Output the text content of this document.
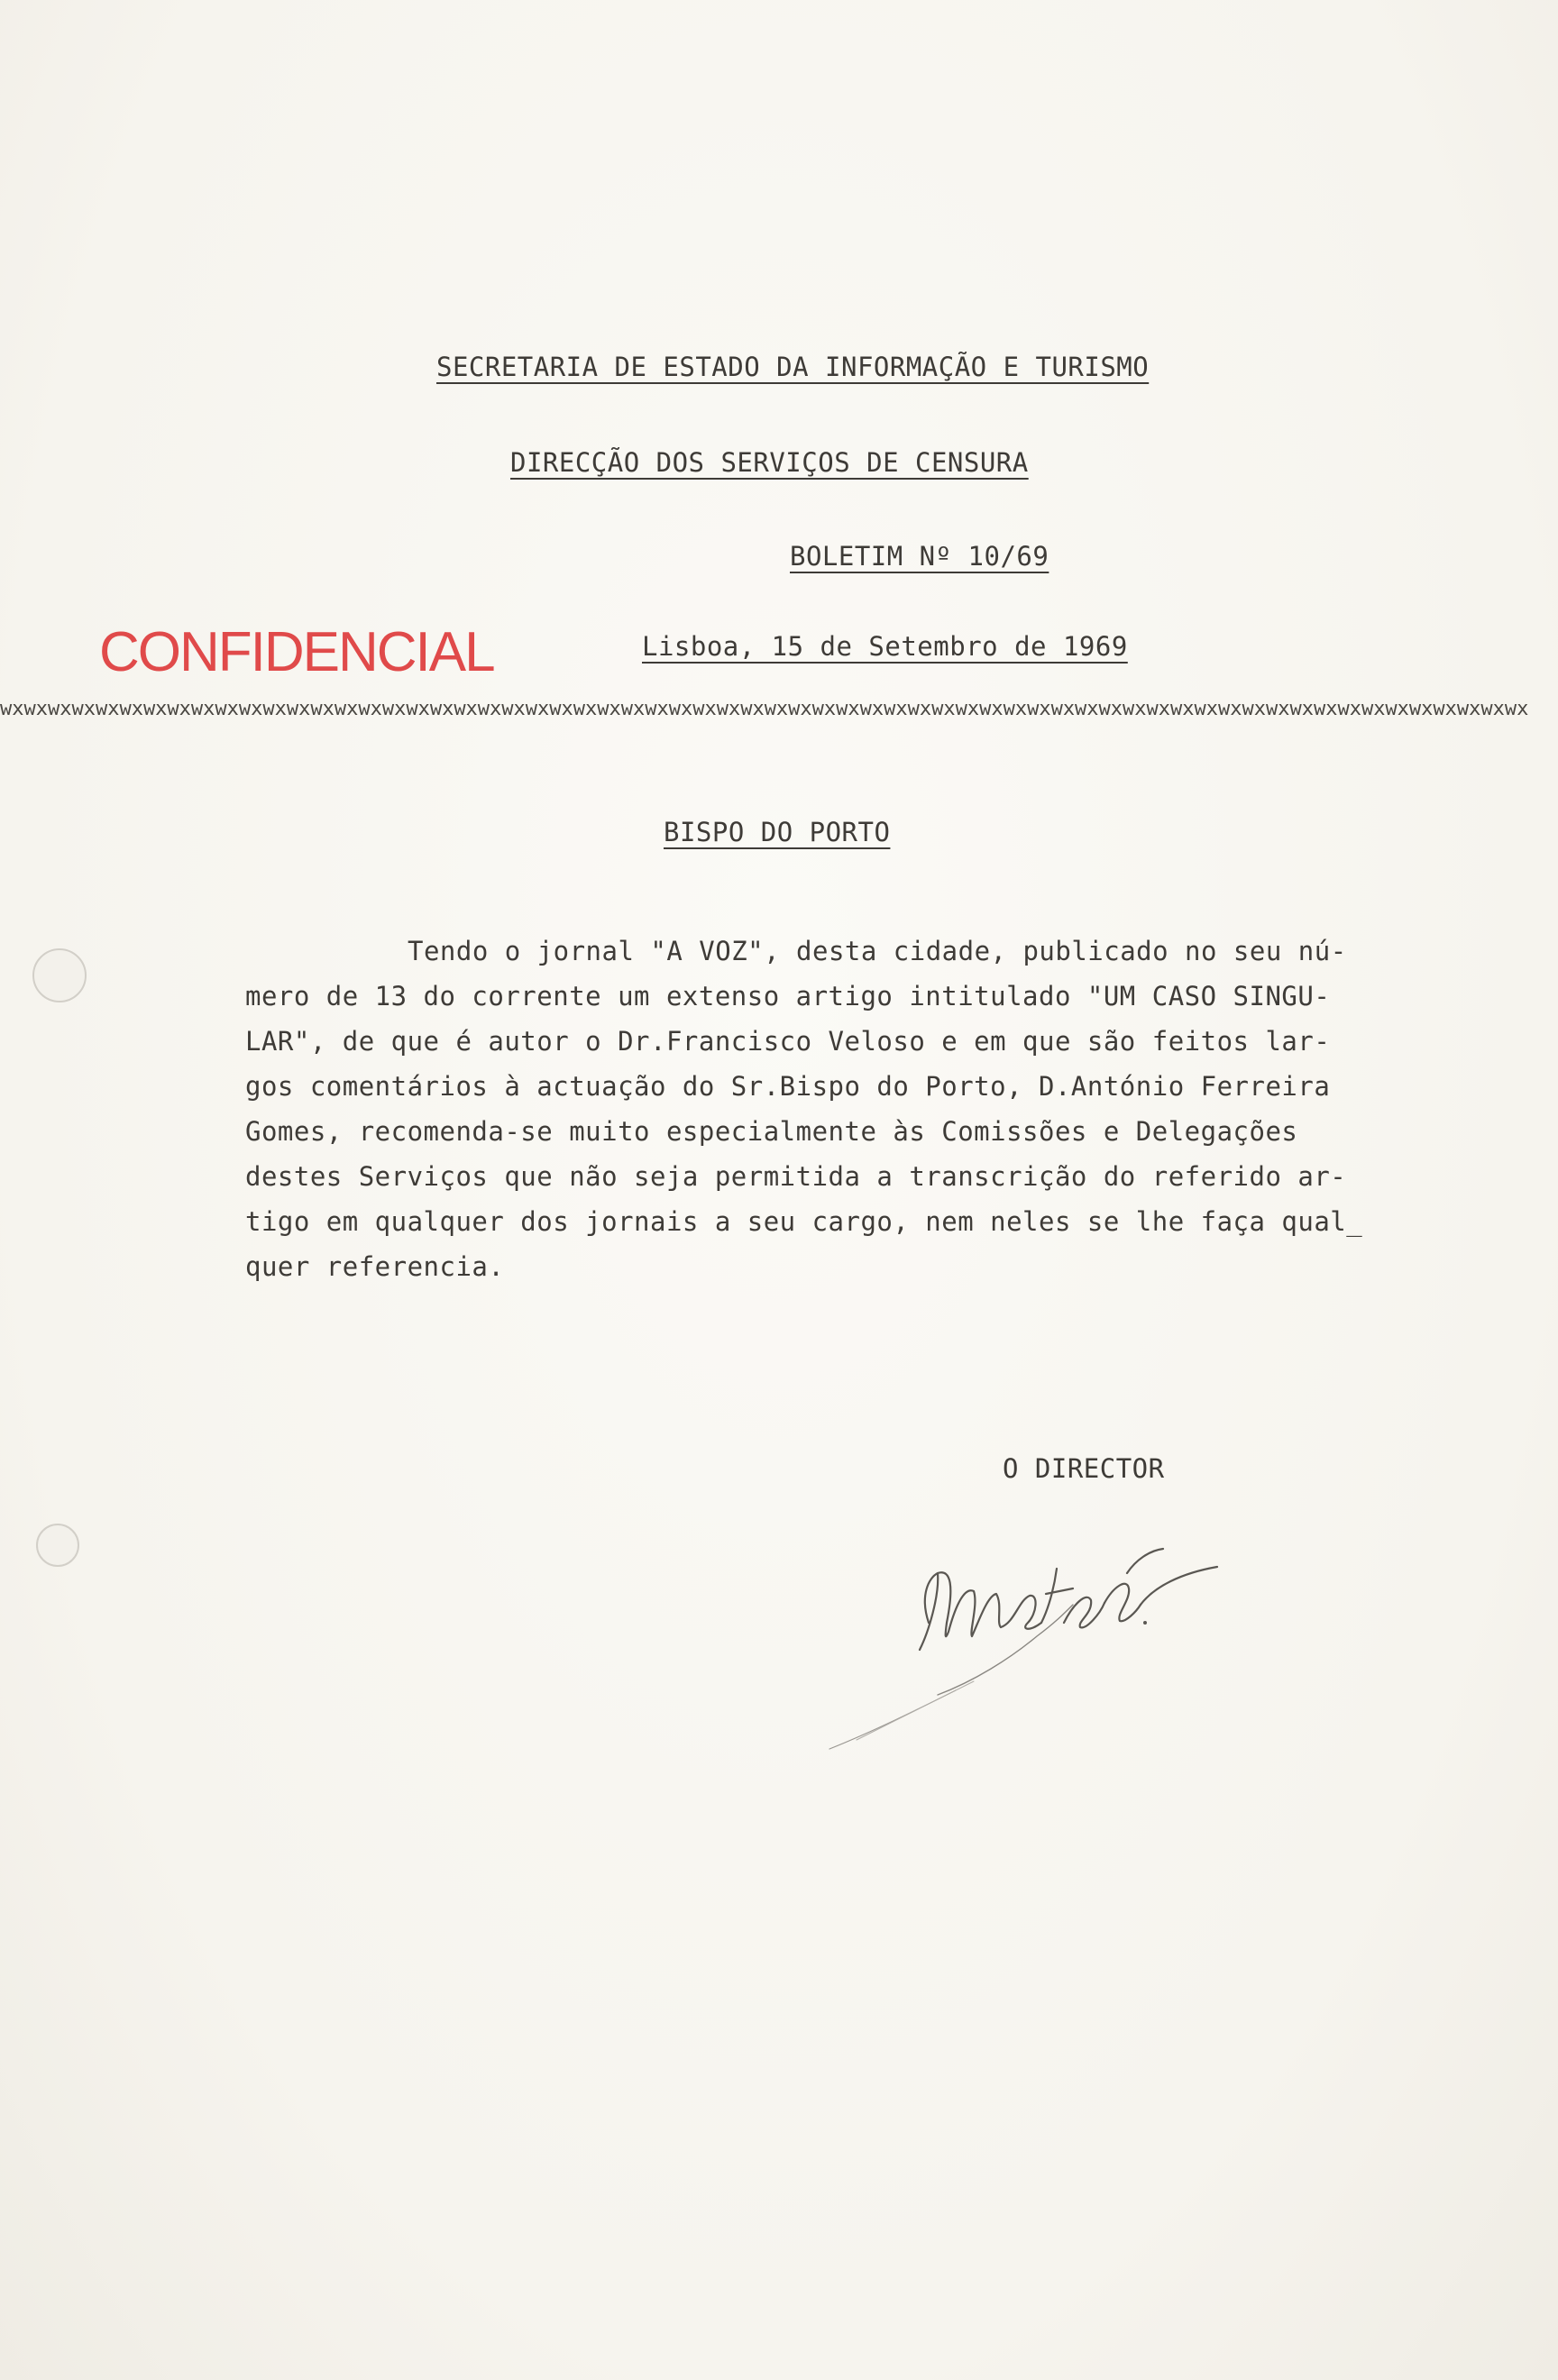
SECRETARIA DE ESTADO DA INFORMAÇÃO E TURISMO
DIRECÇÃO DOS SERVIÇOS DE CENSURA
BOLETIM Nº 10/69
CONFIDENCIAL	Lisboa, 15 de Setembro de 1969
wxwxwxwxwxwxwxwxwxwxwxwxwxwxwxwxwxwxwxwxwxwxwxwxwxwxwxwxwxwxwxwxwxwxwxwxwxwxwxwxwxwxwxwxwxwxwxwxwxwxwxwxwxwxwxwxwxwxwxwxwxwxwxwx
BISPO DO PORTO
Tendo o jornal "A VOZ", desta cidade, publicado no seu nú-
mero de 13 do corrente um extenso artigo intitulado "UM CASO SINGU-
LAR", de que é autor o Dr.Francisco Veloso e em que são feitos lar-
gos comentários à actuação do Sr.Bispo do Porto, D.António Ferreira
Gomes, recomenda-se muito especialmente às Comissões e Delegações
destes Serviços que não seja permitida a transcrição do referido ar-
tigo em qualquer dos jornais a seu cargo, nem neles se lhe faça qual_
quer referencia.
O DIRECTOR
